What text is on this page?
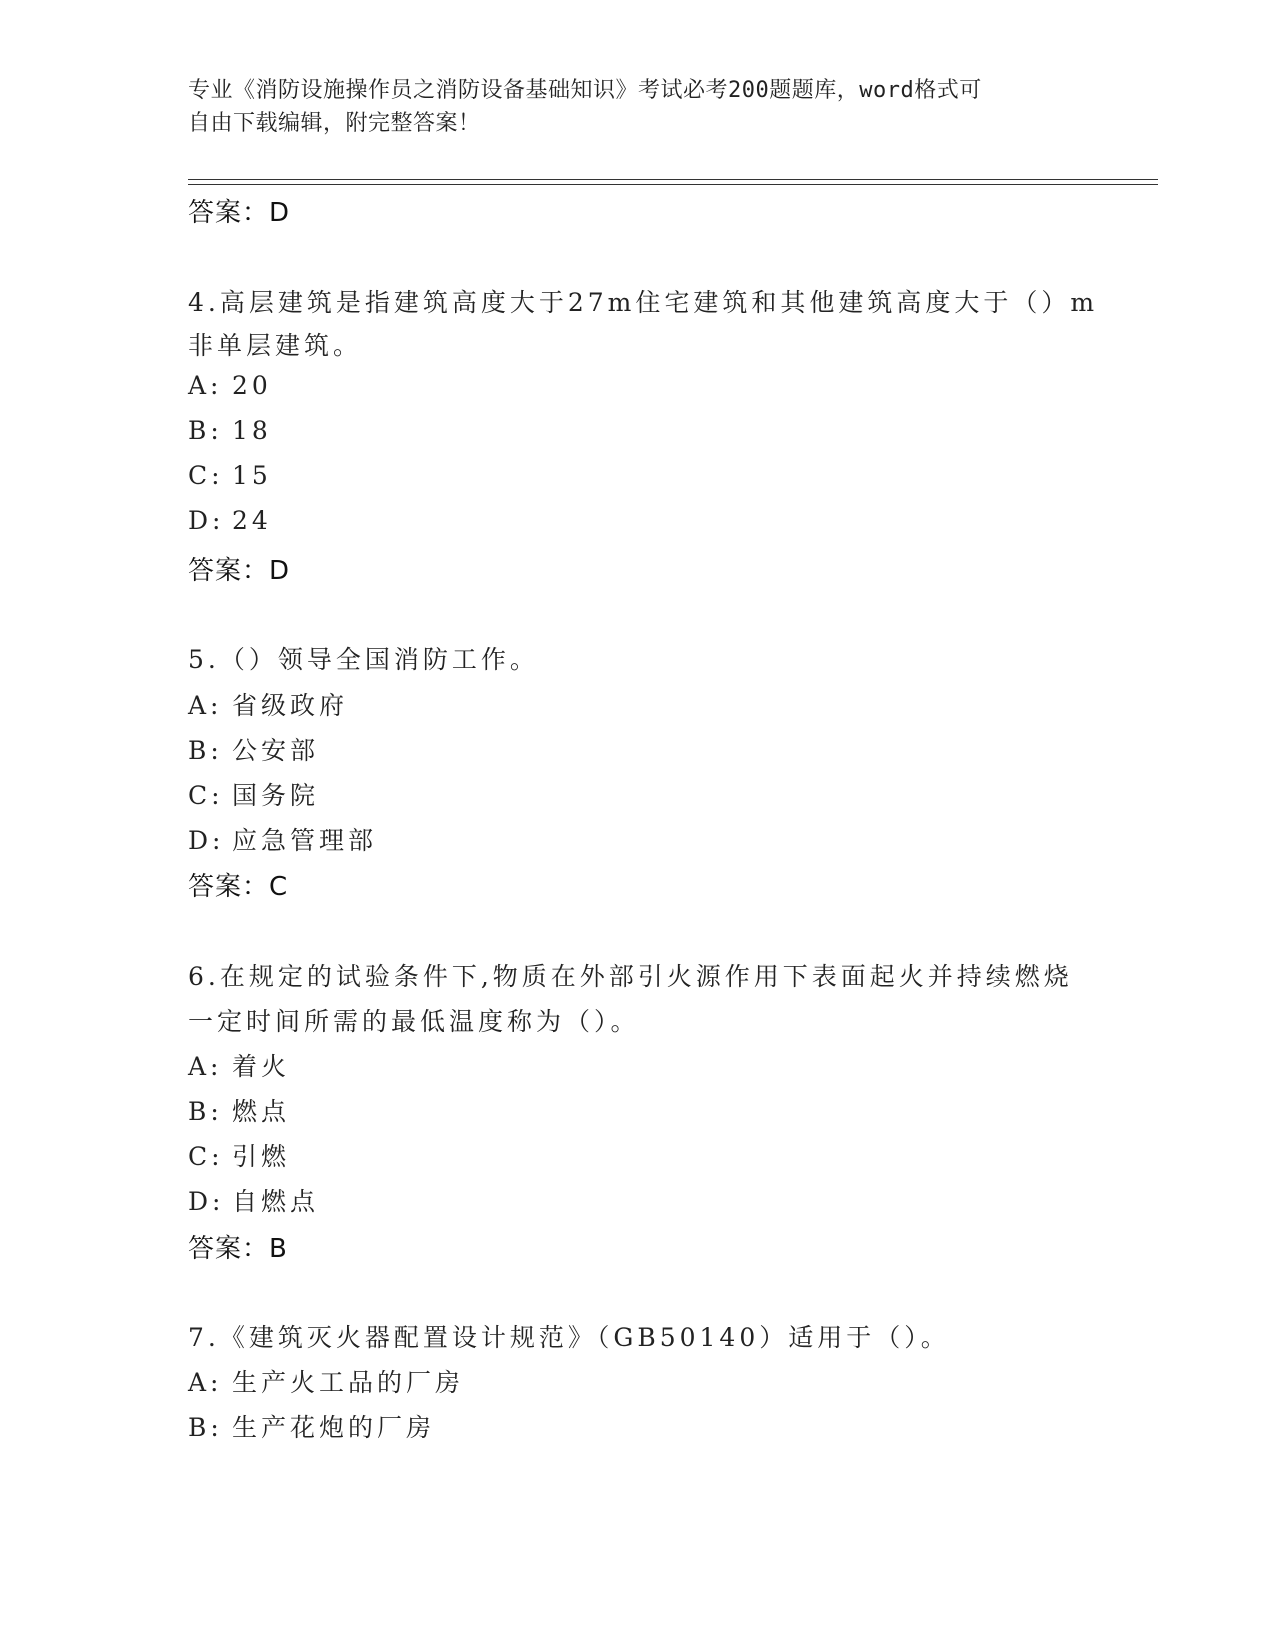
专业《消防设施操作员之消防设备基础知识》考试必考200题题库，word格式可
自由下载编辑，附完整答案！
答案：D
4.高层建筑是指建筑高度大于27m住宅建筑和其他建筑高度大于（）m
非单层建筑。
A: 20
B: 18
C: 15
D: 24
答案：D
5.（）领导全国消防工作。
A: 省级政府
B: 公安部
C: 国务院
D: 应急管理部
答案：C
6.在规定的试验条件下,物质在外部引火源作用下表面起火并持续燃烧
一定时间所需的最低温度称为（）。
A: 着火
B: 燃点
C: 引燃
D: 自燃点
答案：B
7.《建筑灭火器配置设计规范》（GB50140）适用于（）。
A: 生产火工品的厂房
B: 生产花炮的厂房
